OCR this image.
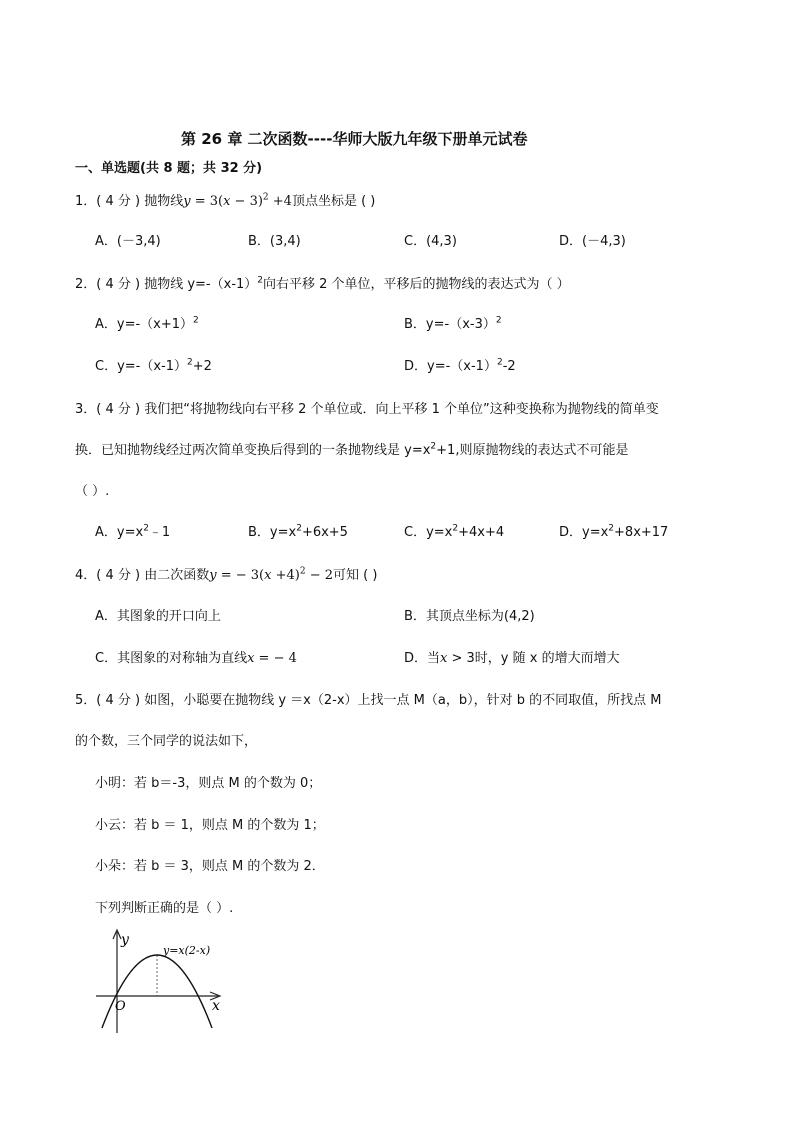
第 26 章 二次函数----华师大版九年级下册单元试卷
一、单选题(共 8 题；共 32 分)
1．( 4 分 ) 抛物线$y = 3(x - 3)^2 +4$顶点坐标是 ( )
A．(－3,4)	B．(3,4)	C．(4,3)	D．(－4,3)
2．( 4 分 ) 抛物线 $y=-(x-1)^2$向右平移 2 个单位，平移后的抛物线的表达式为（ ）
A．$y=-(x+1)^2$	B．$y=-(x-3)^2$
C．$y=-(x-1)^2+2$	D．$y=-(x-1)^2-2$
3．( 4 分 ) 我们把“将抛物线向右平移 2 个单位或．向上平移 1 个单位”这种变换称为抛物线的简单变
换．已知抛物线经过两次简单变换后得到的一条抛物线是 $y=x^2+1$,则原抛物线的表达式不可能是
（ ）.
A．$y=x^2﹣1$	B．$y=x^2+6x+5$	C．$y=x^2+4x+4$	D．$y=x^2+8x+17$
4．( 4 分 ) 由二次函数y = − $3(x +4)^2 - 2$可知 ( )
A．其图象的开口向上	B．其顶点坐标为(4,2)
C．其图象的对称轴为直线x = − 4	D．当x > 3时，y 随 x 的增大而增大
5．( 4 分 ) 如图，小聪要在抛物线 y ＝x（2-x）上找一点 M（a，b），针对 b 的不同取值，所找点 M
的个数，三个同学的说法如下，
小明：若 b＝-3，则点 M 的个数为 0；
小云：若 b ＝ 1，则点 M 的个数为 1；
小朵：若 b ＝ 3，则点 M 的个数为 2．
下列判断正确的是（ ）.
y
x
O
y=x(2-x)
